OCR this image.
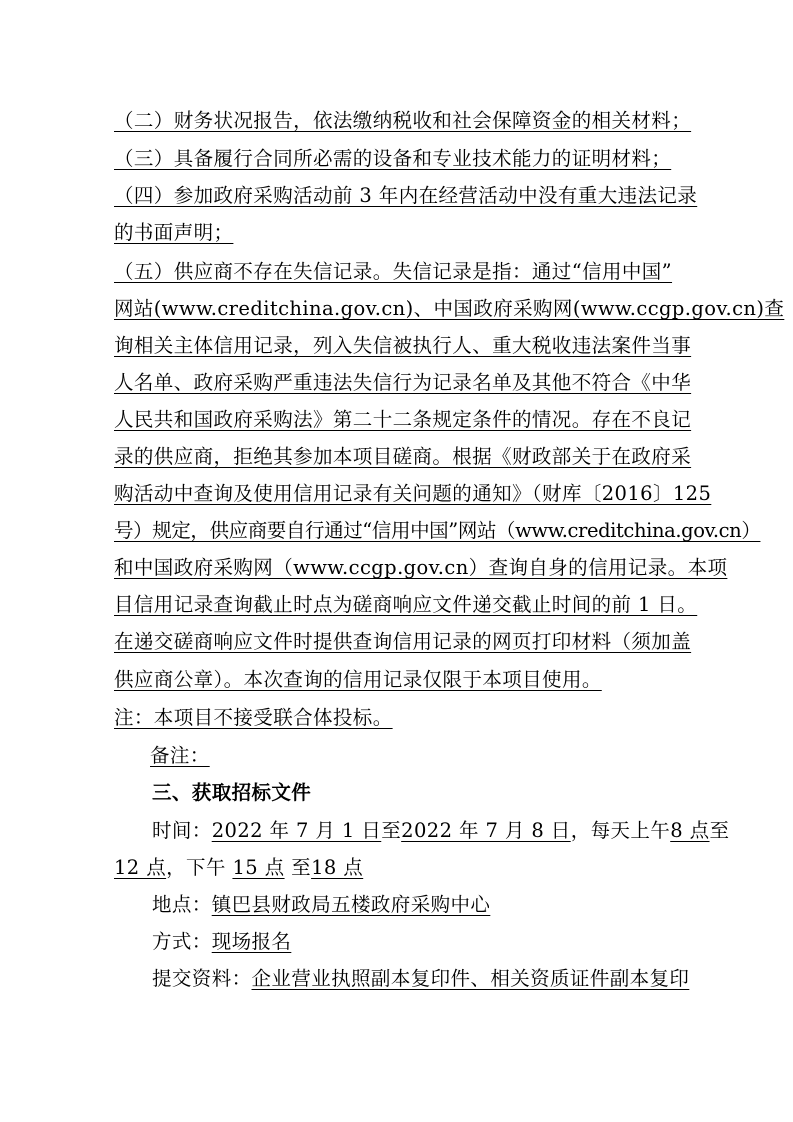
（二）财务状况报告，依法缴纳税收和社会保障资金的相关材料；
（三）具备履行合同所必需的设备和专业技术能力的证明材料；
（四）参加政府采购活动前 3 年内在经营活动中没有重大违法记录
的书面声明；
（五）供应商不存在失信记录。失信记录是指：通过“信用中国”
网站(www.creditchina.gov.cn)、中国政府采购网(www.ccgp.gov.cn)查
询相关主体信用记录，列入失信被执行人、重大税收违法案件当事
人名单、政府采购严重违法失信行为记录名单及其他不符合《中华
人民共和国政府采购法》第二十二条规定条件的情况。存在不良记
录的供应商，拒绝其参加本项目磋商。根据《财政部关于在政府采
购活动中查询及使用信用记录有关问题的通知》（财库〔2016〕125
号）规定，供应商要自行通过“信用中国”网站（www.creditchina.gov.cn）
和中国政府采购网（www.ccgp.gov.cn）查询自身的信用记录。本项
目信用记录查询截止时点为磋商响应文件递交截止时间的前 1 日。
在递交磋商响应文件时提供查询信用记录的网页打印材料（须加盖
供应商公章）。本次查询的信用记录仅限于本项目使用。
注：本项目不接受联合体投标。
备注：
三、获取招标文件
时间：2022 年 7 月 1 日至2022 年 7 月 8 日，每天上午8 点至
12 点，下午 15 点 至18 点
地点：镇巴县财政局五楼政府采购中心
方式：现场报名
提交资料：企业营业执照副本复印件、相关资质证件副本复印
